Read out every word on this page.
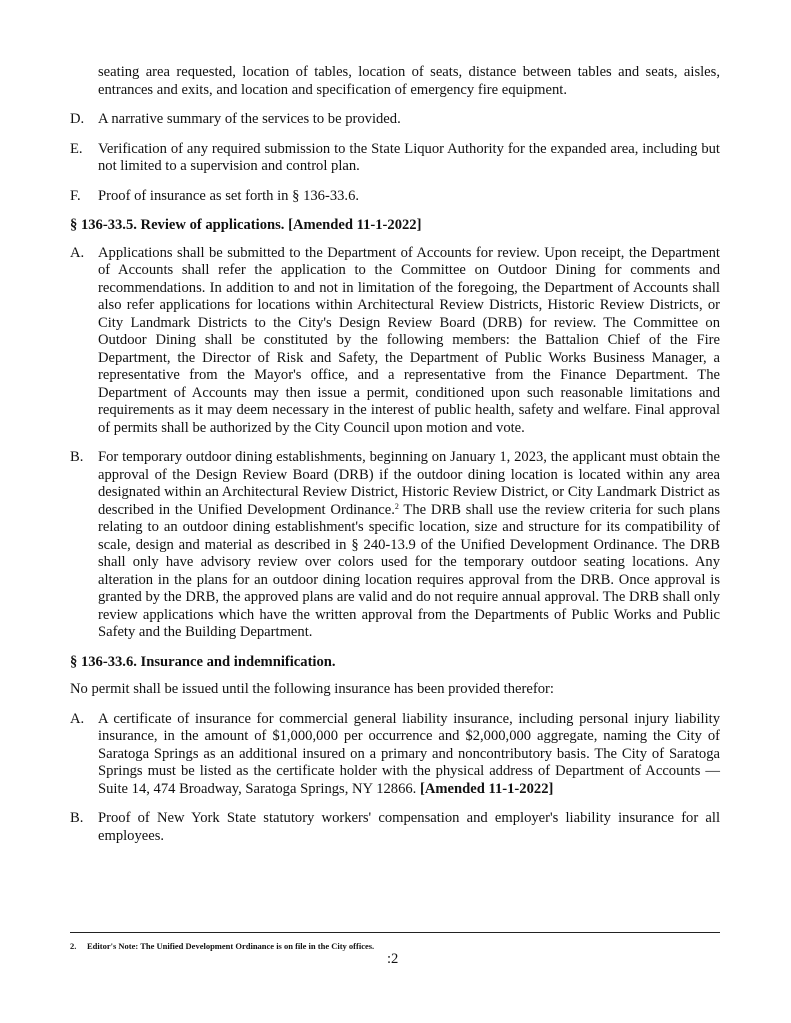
seating area requested, location of tables, location of seats, distance between tables and seats, aisles, entrances and exits, and location and specification of emergency fire equipment.
D. A narrative summary of the services to be provided.
E.	Verification of any required submission to the State Liquor Authority for the expanded area, including but not limited to a supervision and control plan.
F.	Proof of insurance as set forth in § 136-33.6.
§ 136-33.5. Review of applications. [Amended 11-1-2022]
A. Applications shall be submitted to the Department of Accounts for review. Upon receipt, the Department of Accounts shall refer the application to the Committee on Outdoor Dining for comments and recommendations. In addition to and not in limitation of the foregoing, the Department of Accounts shall also refer applications for locations within Architectural Review Districts, Historic Review Districts, or City Landmark Districts to the City's Design Review Board (DRB) for review. The Committee on Outdoor Dining shall be constituted by the following members: the Battalion Chief of the Fire Department, the Director of Risk and Safety, the Department of Public Works Business Manager, a representative from the Mayor's office, and a representative from the Finance Department. The Department of Accounts may then issue a permit, conditioned upon such reasonable limitations and requirements as it may deem necessary in the interest of public health, safety and welfare. Final approval of permits shall be authorized by the City Council upon motion and vote.
B.	For temporary outdoor dining establishments, beginning on January 1, 2023, the applicant must obtain the approval of the Design Review Board (DRB) if the outdoor dining location is located within any area designated within an Architectural Review District, Historic Review District, or City Landmark District as described in the Unified Development Ordinance.$^2$ The DRB shall use the review criteria for such plans relating to an outdoor dining establishment's specific location, size and structure for its compatibility of scale, design and material as described in § 240-13.9 of the Unified Development Ordinance. The DRB shall only have advisory review over colors used for the temporary outdoor seating locations. Any alteration in the plans for an outdoor dining location requires approval from the DRB. Once approval is granted by the DRB, the approved plans are valid and do not require annual approval. The DRB shall only review applications which have the written approval from the Departments of Public Works and Public Safety and the Building Department.
§ 136-33.6. Insurance and indemnification.

No permit shall be issued until the following insurance has been provided therefor:

A. A certificate of insurance for commercial general liability insurance, including personal injury liability insurance, in the amount of $1,000,000 per occurrence and $2,000,000 aggregate, naming the City of Saratoga Springs as an additional insured on a primary and noncontributory basis. The City of Saratoga Springs must be listed as the certificate holder with the physical address of Department of Accounts — Suite 14, 474 Broadway, Saratoga Springs, NY 12866. [Amended 11-1-2022]
B.	Proof of New York State statutory workers' compensation and employer's liability insurance for all employees.
2. Editor's Note: The Unified Development Ordinance is on file in the City offices.
:2
